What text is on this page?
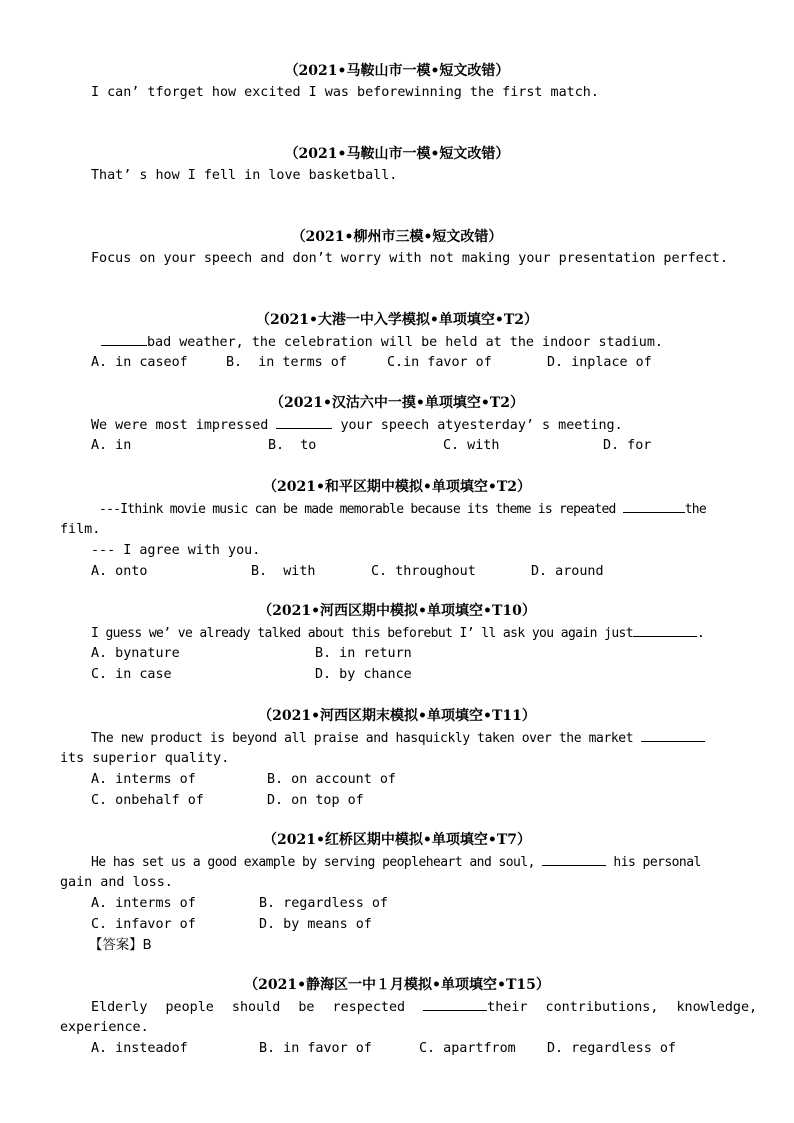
（2021•马鞍山市一模•短文改错）
I can’ tforget how excited I was beforewinning the first match.
（2021•马鞍山市一模•短文改错）
That’ s how I fell in love basketball.
（2021•柳州市三模•短文改错）
Focus on your speech and don’t worry with not making your presentation perfect.
（2021•大港一中入学模拟•单项填空•T2）
bad weather, the celebration will be held at the indoor stadium.
A. in caseof	B.  in terms of	C.in favor of	D. inplace of
（2021•汉沽六中一摸•单项填空•T2）
We were most impressed	your speech atyesterday’ s meeting.
A. in	B.  to	C. with	D. for
（2021•和平区期中模拟•单项填空•T2）
---Ithink movie music can be made memorable because its theme is repeated	the
film.
--- I agree with you.
A. onto	B.  with	C. throughout	D. around
（2021•河西区期中模拟•单项填空•T10）
I guess we’ ve already talked about this beforebut I’ ll ask you again just	.
A. bynature	B. in return
C. in case	D. by chance
（2021•河西区期末模拟•单项填空•T11）
The new product is beyond all praise and hasquickly taken over the market
its superior quality.
A. interms of	B. on account of
C. onbehalf of	D. on top of
（2021•红桥区期中模拟•单项填空•T7）
He has set us a good example by serving peopleheart and soul,	his personal
gain and loss.
A. interms of	B. regardless of
C. infavor of	D. by means of
【答案】B
（2021•静海区一中１月模拟•单项填空•T15）
Elderly people should be respected	their contributions, knowledge,
experience.
A. insteadof	B. in favor of	C. apartfrom D. regardless of
